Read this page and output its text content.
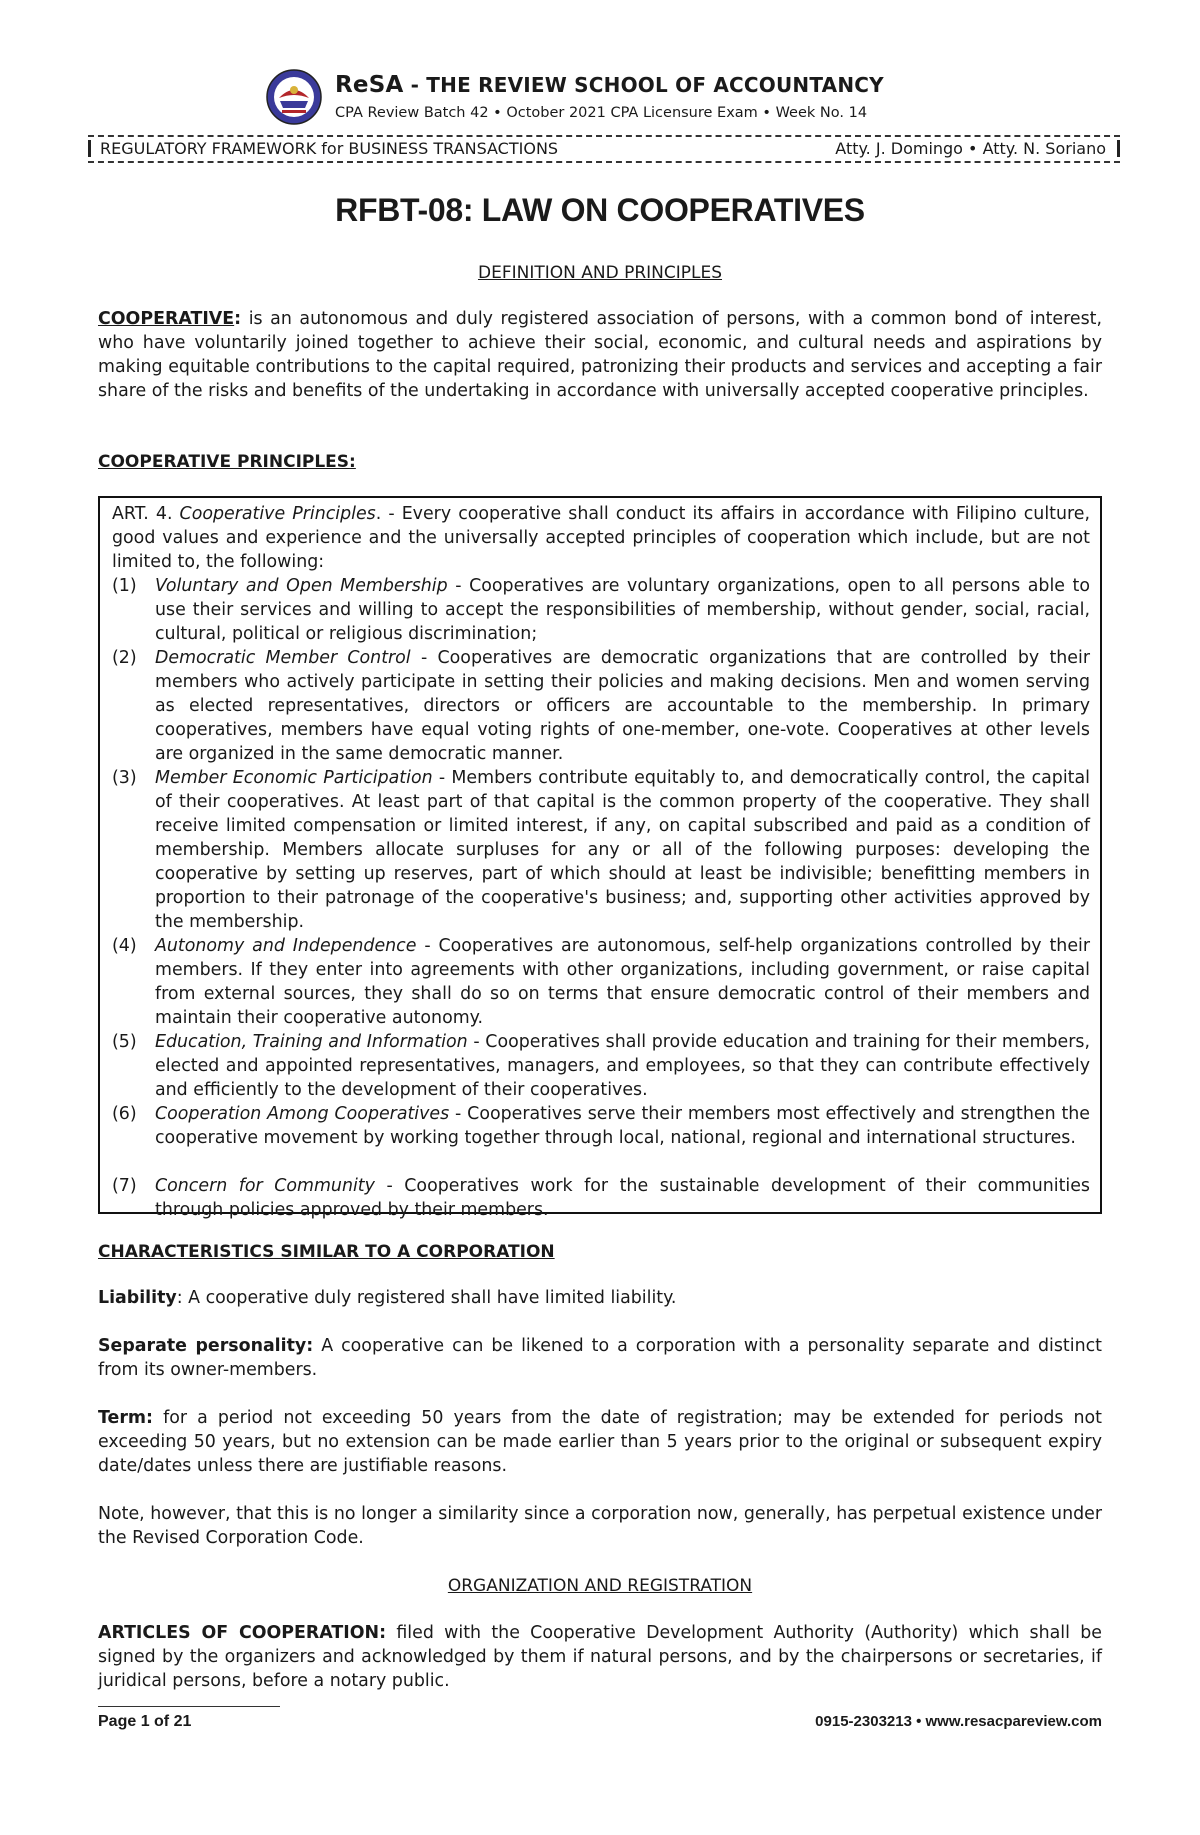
ReSA - THE REVIEW SCHOOL OF ACCOUNTANCY
CPA Review Batch 42 • October 2021 CPA Licensure Exam • Week No. 14
REGULATORY FRAMEWORK for BUSINESS TRANSACTIONS	Atty. J. Domingo • Atty. N. Soriano
RFBT-08: LAW ON COOPERATIVES
DEFINITION AND PRINCIPLES
COOPERATIVE: is an autonomous and duly registered association of persons, with a common bond of interest, who have voluntarily joined together to achieve their social, economic, and cultural needs and aspirations by making equitable contributions to the capital required, patronizing their products and services and accepting a fair share of the risks and benefits of the undertaking in accordance with universally accepted cooperative principles.
COOPERATIVE PRINCIPLES:
ART. 4. Cooperative Principles. - Every cooperative shall conduct its affairs in accordance with Filipino culture, good values and experience and the universally accepted principles of cooperation which include, but are not limited to, the following:
(1) Voluntary and Open Membership - Cooperatives are voluntary organizations, open to all persons able to use their services and willing to accept the responsibilities of membership, without gender, social, racial, cultural, political or religious discrimination;
(2) Democratic Member Control - Cooperatives are democratic organizations that are controlled by their members who actively participate in setting their policies and making decisions. Men and women serving as elected representatives, directors or officers are accountable to the membership. In primary cooperatives, members have equal voting rights of one-member, one-vote. Cooperatives at other levels are organized in the same democratic manner.
(3) Member Economic Participation - Members contribute equitably to, and democratically control, the capital of their cooperatives. At least part of that capital is the common property of the cooperative. They shall receive limited compensation or limited interest, if any, on capital subscribed and paid as a condition of membership. Members allocate surpluses for any or all of the following purposes: developing the cooperative by setting up reserves, part of which should at least be indivisible; benefitting members in proportion to their patronage of the cooperative's business; and, supporting other activities approved by the membership.
(4) Autonomy and Independence - Cooperatives are autonomous, self-help organizations controlled by their members. If they enter into agreements with other organizations, including government, or raise capital from external sources, they shall do so on terms that ensure democratic control of their members and maintain their cooperative autonomy.
(5) Education, Training and Information - Cooperatives shall provide education and training for their members, elected and appointed representatives, managers, and employees, so that they can contribute effectively and efficiently to the development of their cooperatives.
(6) Cooperation Among Cooperatives - Cooperatives serve their members most effectively and strengthen the cooperative movement by working together through local, national, regional and international structures.
(7) Concern for Community - Cooperatives work for the sustainable development of their communities through policies approved by their members.
CHARACTERISTICS SIMILAR TO A CORPORATION
Liability: A cooperative duly registered shall have limited liability.
Separate personality: A cooperative can be likened to a corporation with a personality separate and distinct from its owner-members.
Term: for a period not exceeding 50 years from the date of registration; may be extended for periods not exceeding 50 years, but no extension can be made earlier than 5 years prior to the original or subsequent expiry date/dates unless there are justifiable reasons.
Note, however, that this is no longer a similarity since a corporation now, generally, has perpetual existence under the Revised Corporation Code.
ORGANIZATION AND REGISTRATION
ARTICLES OF COOPERATION: filed with the Cooperative Development Authority (Authority) which shall be signed by the organizers and acknowledged by them if natural persons, and by the chairpersons or secretaries, if juridical persons, before a notary public.
Page 1 of 21	0915-2303213 • www.resacpareview.com
